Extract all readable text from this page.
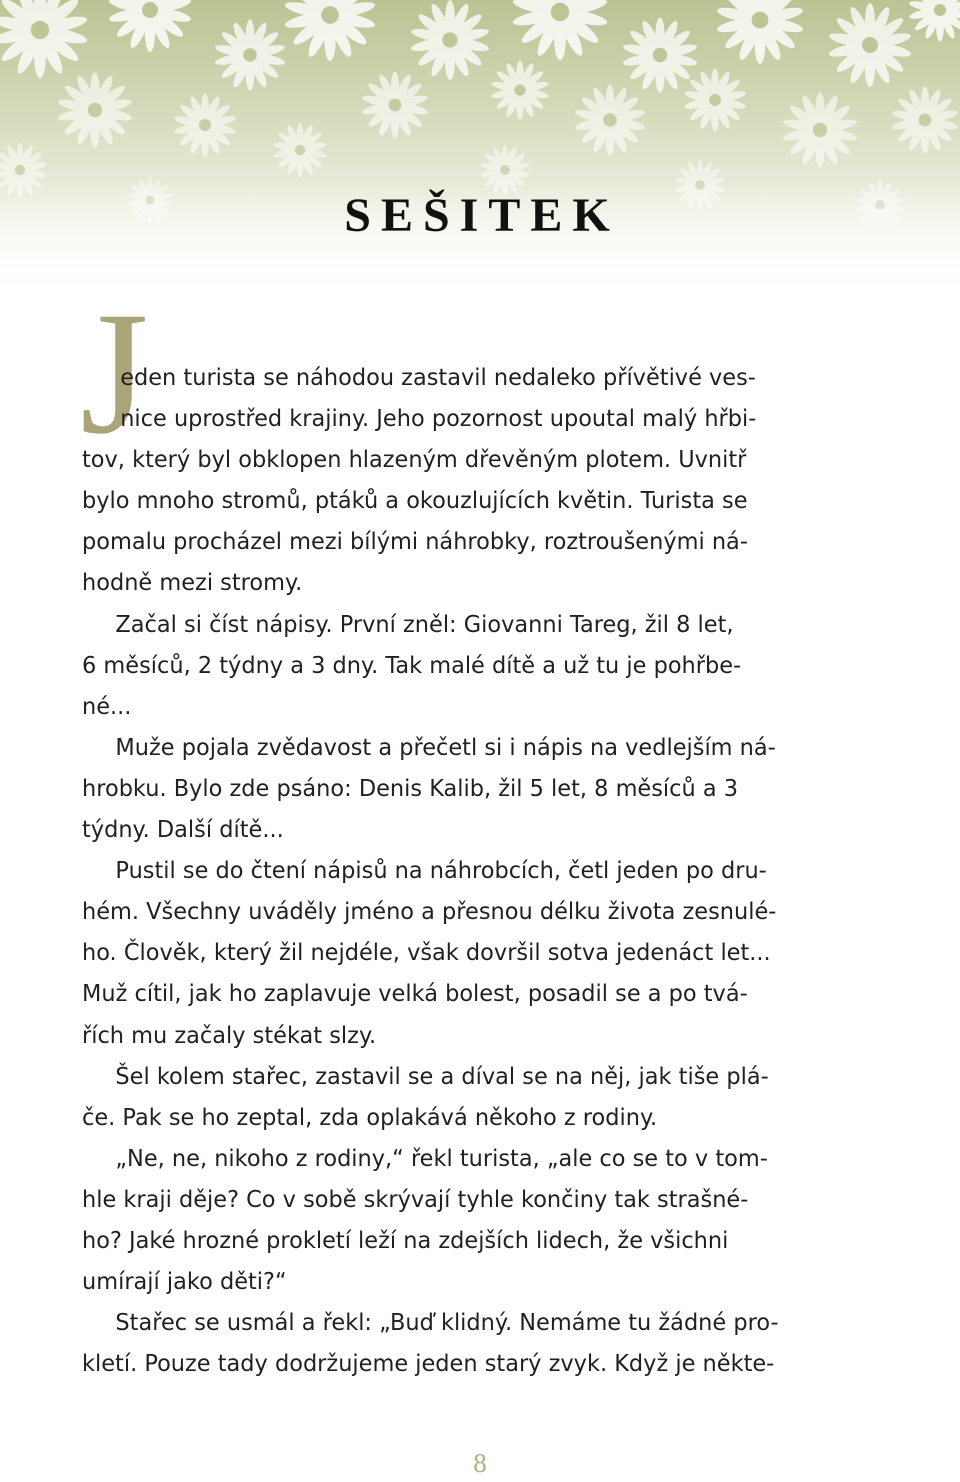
SEŠITEK
J
eden turista se náhodou zastavil nedaleko přívětivé ves-
nice uprostřed krajiny. Jeho pozornost upoutal malý hřbi-
tov, který byl obklopen hlazeným dřevěným plotem. Uvnitř
bylo mnoho stromů, ptáků a okouzlujících květin. Turista se
pomalu procházel mezi bílými náhrobky, roztroušenými ná-
hodně mezi stromy.
Začal si číst nápisy. První zněl: Giovanni Tareg, žil 8 let,
6 měsíců, 2 týdny a 3 dny. Tak malé dítě a už tu je pohřbe-
né...
Muže pojala zvědavost a přečetl si i nápis na vedlejším ná-
hrobku. Bylo zde psáno: Denis Kalib, žil 5 let, 8 měsíců a 3
týdny. Další dítě...
Pustil se do čtení nápisů na náhrobcích, četl jeden po dru-
hém. Všechny uváděly jméno a přesnou délku života zesnulé-
ho. Člověk, který žil nejdéle, však dovršil sotva jedenáct let...
Muž cítil, jak ho zaplavuje velká bolest, posadil se a po tvá-
řích mu začaly stékat slzy.
Šel kolem stařec, zastavil se a díval se na něj, jak tiše plá-
če. Pak se ho zeptal, zda oplakává někoho z rodiny.
„Ne, ne, nikoho z rodiny,“ řekl turista, „ale co se to v tom-
hle kraji děje? Co v sobě skrývají tyhle končiny tak strašné-
ho? Jaké hrozné prokletí leží na zdejších lidech, že všichni
umírají jako děti?“
Stařec se usmál a řekl: „Buď klidný. Nemáme tu žádné pro-
kletí. Pouze tady dodržujeme jeden starý zvyk. Když je někte-
8
